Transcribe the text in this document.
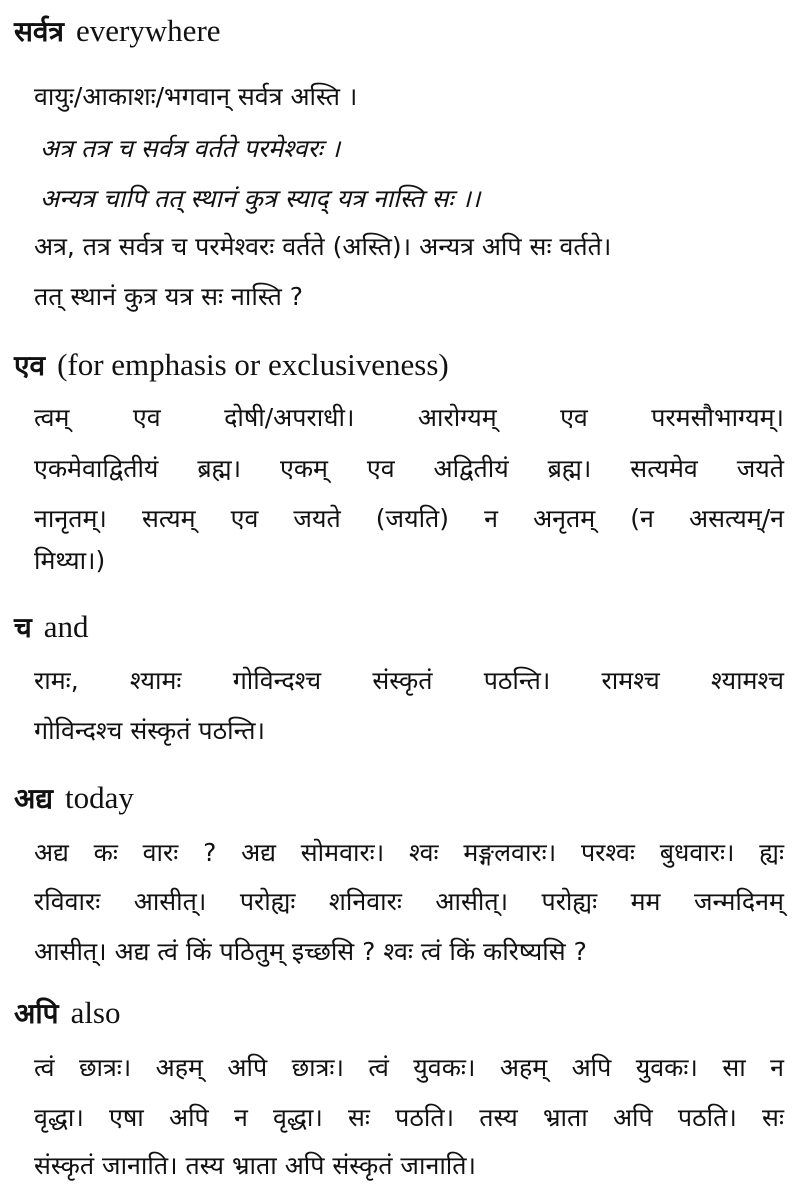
सर्वत्र everywhere
वायुः/आकाशः/भगवान् सर्वत्र अस्ति ।
अत्र तत्र च सर्वत्र वर्तते परमेश्वरः ।
अन्यत्र चापि तत् स्थानं कुत्र स्याद् यत्र नास्ति सः ।।
अत्र, तत्र सर्वत्र च परमेश्वरः वर्तते (अस्ति)। अन्यत्र अपि सः वर्तते।
तत् स्थानं कुत्र यत्र सः नास्ति ?
एव (for emphasis or exclusiveness)
त्वम् एव दोषी/अपराधी। आरोग्यम् एव परमसौभाग्यम्।
एकमेवाद्वितीयं ब्रह्म। एकम् एव अद्वितीयं ब्रह्म। सत्यमेव जयते
नानृतम्। सत्यम् एव जयते (जयति) न अनृतम् (न असत्यम्/न
मिथ्या।)
च and
रामः, श्यामः गोविन्दश्च संस्कृतं पठन्ति। रामश्च श्यामश्च
गोविन्दश्च संस्कृतं पठन्ति।
अद्य today
अद्य कः वारः ? अद्य सोमवारः। श्वः मङ्गलवारः। परश्वः बुधवारः। ह्यः
रविवारः आसीत्। परोह्यः शनिवारः आसीत्। परोह्यः मम जन्मदिनम्
आसीत्। अद्य त्वं किं पठितुम् इच्छसि ? श्वः त्वं किं करिष्यसि ?
अपि also
त्वं छात्रः। अहम् अपि छात्रः। त्वं युवकः। अहम् अपि युवकः। सा न
वृद्धा। एषा अपि न वृद्धा। सः पठति। तस्य भ्राता अपि पठति। सः
संस्कृतं जानाति। तस्य भ्राता अपि संस्कृतं जानाति।
